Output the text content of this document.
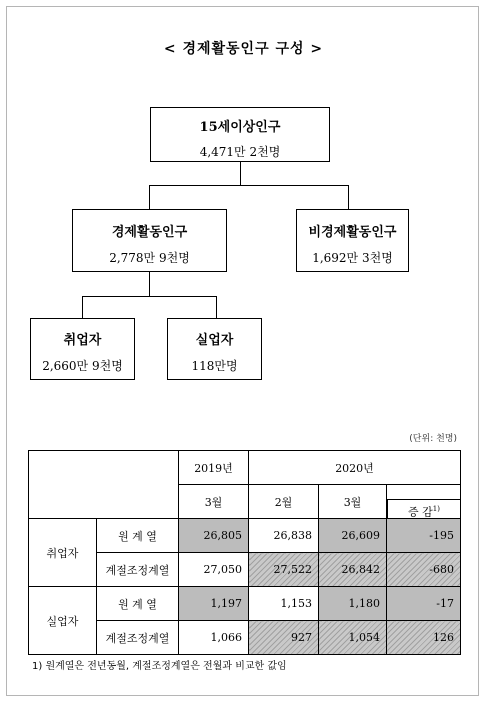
< 경제활동인구 구성 >
15세이상인구
4,471만 2천명
경제활동인구
2,778만 9천명
비경제활동인구
1,692만 3천명
취업자
2,660만 9천명
실업자
118만명
(단위: 천명)
		2019년	2020년		
		3월	2월	3월	증 감$^{1)}$

취업자	원 계 열	26,805	26,838	26,609	-195
	계절조정계열	27,050	27,522	26,842	-680
실업자	원 계 열	1,197	1,153	1,180	-17
	계절조정계열	1,066	927	1,054	126
1) 원계열은 전년동월, 계절조정계열은 전월과 비교한 값임
